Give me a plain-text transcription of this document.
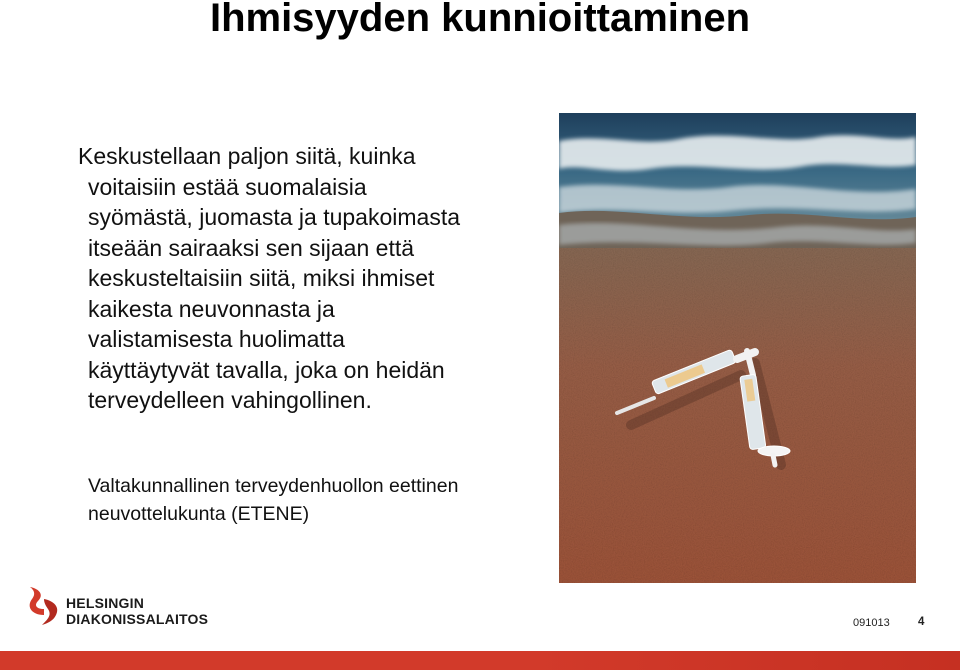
Ihmisyyden kunnioittaminen
Keskustellaan paljon siitä, kuinka
voitaisiin estää suomalaisia
syömästä, juomasta ja tupakoimasta
itseään sairaaksi sen sijaan että
keskusteltaisiin siitä, miksi ihmiset
kaikesta neuvonnasta ja
valistamisesta huolimatta
käyttäytyvät tavalla, joka on heidän
terveydelleen vahingollinen.
Valtakunnallinen terveydenhuollon eettinen
neuvottelukunta (ETENE)
HELSINGIN
DIAKONISSALAITOS	091013 4
